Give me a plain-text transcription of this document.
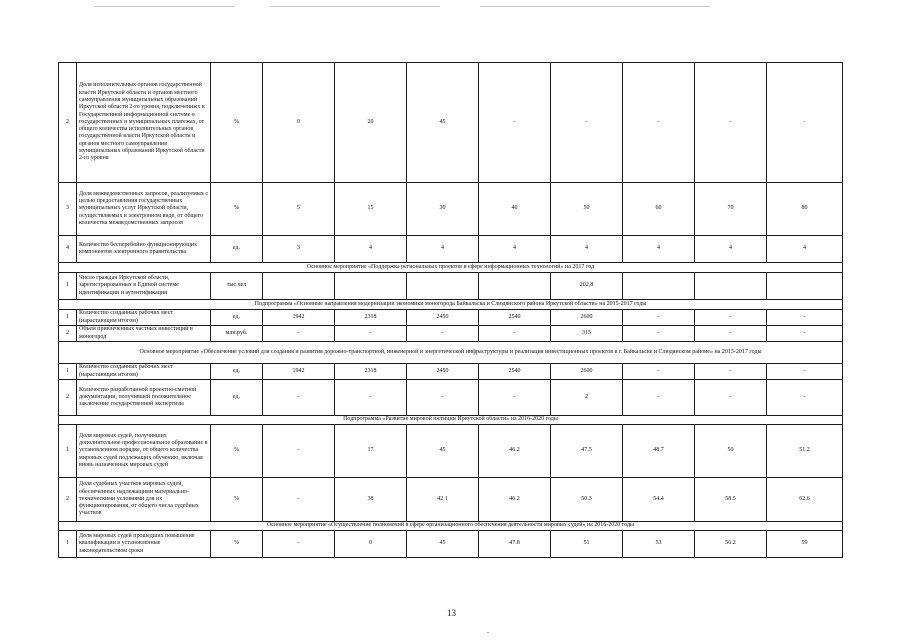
2	Доля исполнительных органов государственной власти Иркутской области и органов местного самоуправления муниципальных образований Иркутской области 2-го уровня, подключенных к Государственной информационной системе о государственных и муниципальных платежах, от общего количества исполнительных органов государственной власти Иркутской области и органов местного самоуправления муниципальных образований Иркутской области 2-го уровня	%	0	20	45	-	-	-	-	-
3	Доля межведомственных запросов, реализуемых с целью предоставления государственных муниципальных услуг Иркутской области, осуществляемых в электронном виде, от общего количества межведомственных запросов	%	5	15	30	40	50	60	70	80
4	Количество бесперебойно функционирующих компонентов электронного правительства	ед.	3	4	4	4	4	4	4	4
Основное мероприятие «Поддержка региональных проектов в сфере информационных технологий» на 2017 год										
1	Число граждан Иркутской области, зарегистрированных в Единой системе идентификации и аутентификации	тыс.чел					202,8			
Подпрограмма «Основные направления модернизации экономики моногорода Байкальска и Слюдянского района Иркутской области» на 2015-2017 годы										
1	Количество созданных рабочих мест (нарастающим итогом)	ед.	1942	2318	2450	2540	2600	-	-	-
2	Объем привлеченных частных инвестиций в моногород	млн.руб.	-	-	-	-	315	-	-	-
Основное мероприятие «Обеспечение условий для создания и развития дорожно-транспортной, инженерной и энергетической инфраструктуры и реализация инвестиционных проектов в г. Байкальске и Слюдянском районе» на 2015-2017 годы										
1	Количество созданных рабочих мест (нарастающим итогом)	ед.	1942	2318	2450	2540	2600	-	-	-
2	Количество разработанной проектно-сметной документации, получившей положительное заключение государственной экспертизы	ед.	-	-	-	-	2	-	-	-
Подпрограмма «Развитие мировой юстиции Иркутской области» на 2016-2020 годы										
1	Доля мировых судей, получивших дополнительное профессиональное образование в установленном порядке, от общего количества мировых судей подлежащих обучению, включая вновь назначенных мировых судей	%	-	17	45	46.2	47.5	48.7	50	51.2
2	Доля судебных участков мировых судей, обеспеченных надлежащими материально-техническими условиями для их функционирования, от общего числа судебных участков	%	-	38	42.1	46.2	50.3	54.4	58.5	62.6
Основное мероприятие «Осуществление полномочий в сфере организационного обеспечения деятельности мировых судей» на 2016-2020 годы										
1	Доля мировых судей прошедших повышение квалификации в установленные законодательством сроки	%	-	0	45	47.8	51	53	56.2	59
13
.
